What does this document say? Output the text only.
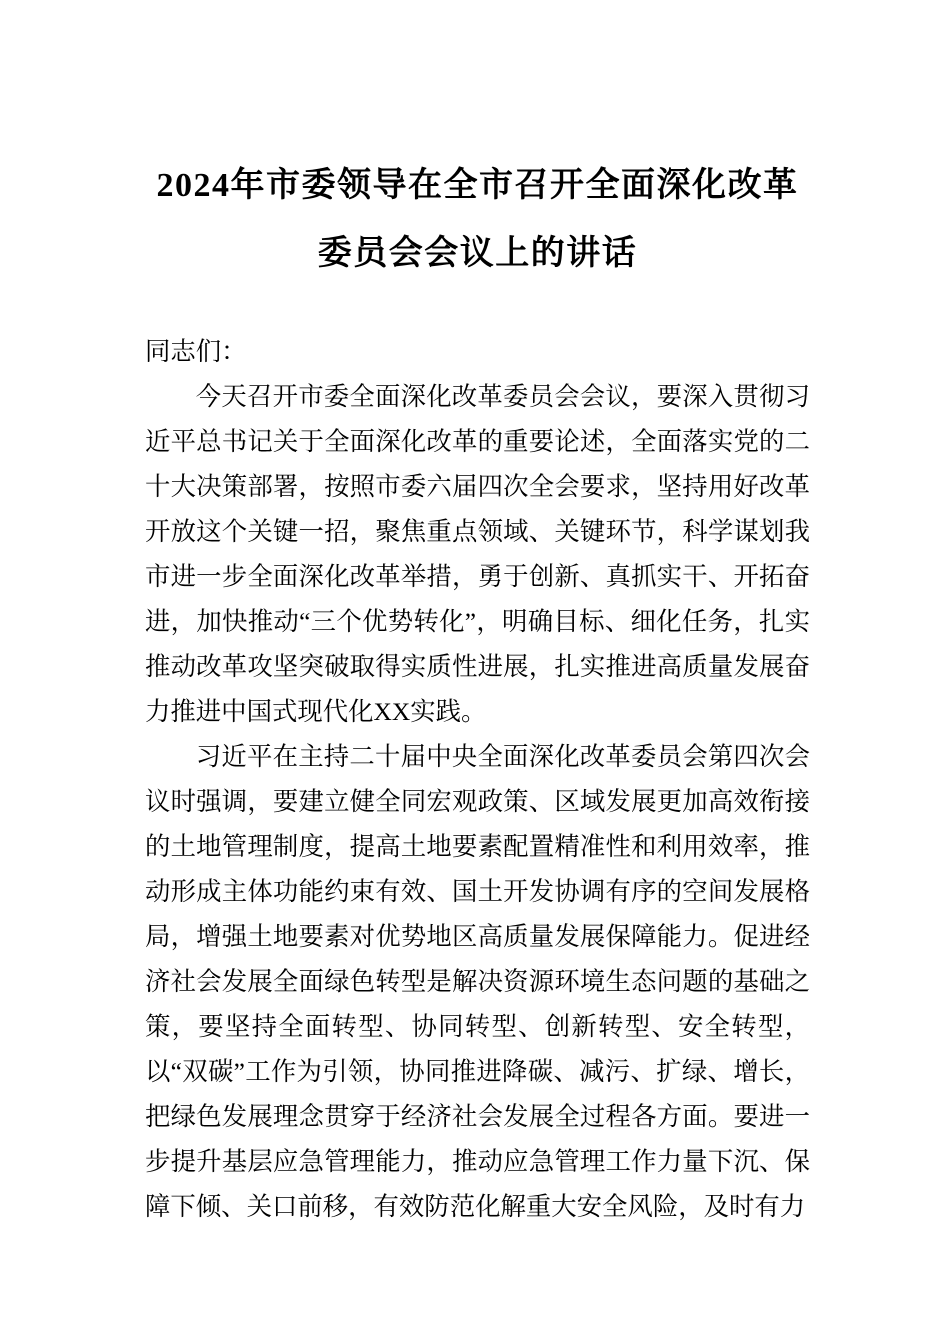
2024年市委领导在全市召开全面深化改革
委员会会议上的讲话

同志们：

今天召开市委全面深化改革委员会会议，要深入贯彻习近平总书记关于全面深化改革的重要论述，全面落实党的二十大决策部署，按照市委六届四次全会要求，坚持用好改革开放这个关键一招，聚焦重点领域、关键环节，科学谋划我市进一步全面深化改革举措，勇于创新、真抓实干、开拓奋进，加快推动“三个优势转化”，明确目标、细化任务，扎实推动改革攻坚突破取得实质性进展，扎实推进高质量发展奋力推进中国式现代化XX实践。

习近平在主持二十届中央全面深化改革委员会第四次会议时强调，要建立健全同宏观政策、区域发展更加高效衔接的土地管理制度，提高土地要素配置精准性和利用效率，推动形成主体功能约束有效、国土开发协调有序的空间发展格局，增强土地要素对优势地区高质量发展保障能力。促进经济社会发展全面绿色转型是解决资源环境生态问题的基础之策，要坚持全面转型、协同转型、创新转型、安全转型，以“双碳”工作为引领，协同推进降碳、减污、扩绿、增长，把绿色发展理念贯穿于经济社会发展全过程各方面。要进一步提升基层应急管理能力，推动应急管理工作力量下沉、保障下倾、关口前移，有效防范化解重大安全风险，及时有力
